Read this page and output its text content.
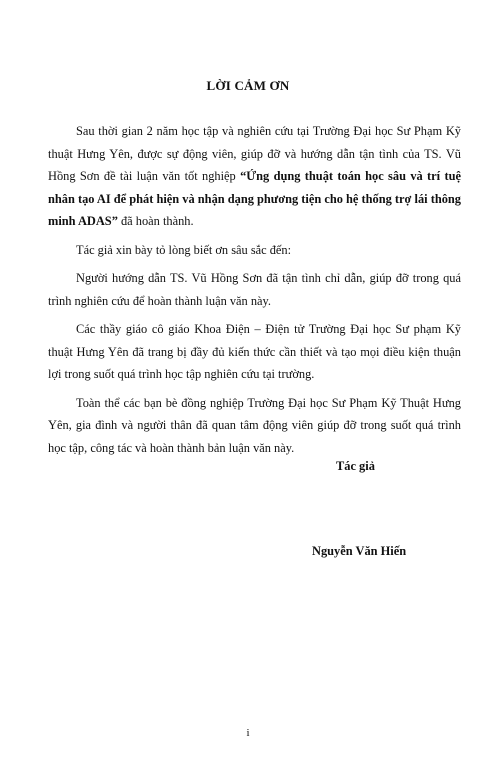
LỜI CẢM ƠN

Sau thời gian 2 năm học tập và nghiên cứu tại Trường Đại học Sư Phạm Kỹ thuật Hưng Yên, được sự động viên, giúp đỡ và hướng dẫn tận tình của TS. Vũ Hồng Sơn đề tài luận văn tốt nghiệp “Ứng dụng thuật toán học sâu và trí tuệ nhân tạo AI để phát hiện và nhận dạng phương tiện cho hệ thống trợ lái thông minh ADAS” đã hoàn thành.

Tác giả xin bày tỏ lòng biết ơn sâu sắc đến:

Người hướng dẫn TS. Vũ Hồng Sơn đã tận tình chỉ dẫn, giúp đỡ trong quá trình nghiên cứu để hoàn thành luận văn này.

Các thầy giáo cô giáo Khoa Điện – Điện tử Trường Đại học Sư phạm Kỹ thuật Hưng Yên đã trang bị đầy đủ kiến thức cần thiết và tạo mọi điều kiện thuận lợi trong suốt quá trình học tập nghiên cứu tại trường.

Toàn thể các bạn bè đồng nghiệp Trường Đại học Sư Phạm Kỹ Thuật Hưng Yên, gia đình và người thân đã quan tâm động viên giúp đỡ trong suốt quá trình học tập, công tác và hoàn thành bản luận văn này.

Tác giả
Nguyễn Văn Hiến
i
